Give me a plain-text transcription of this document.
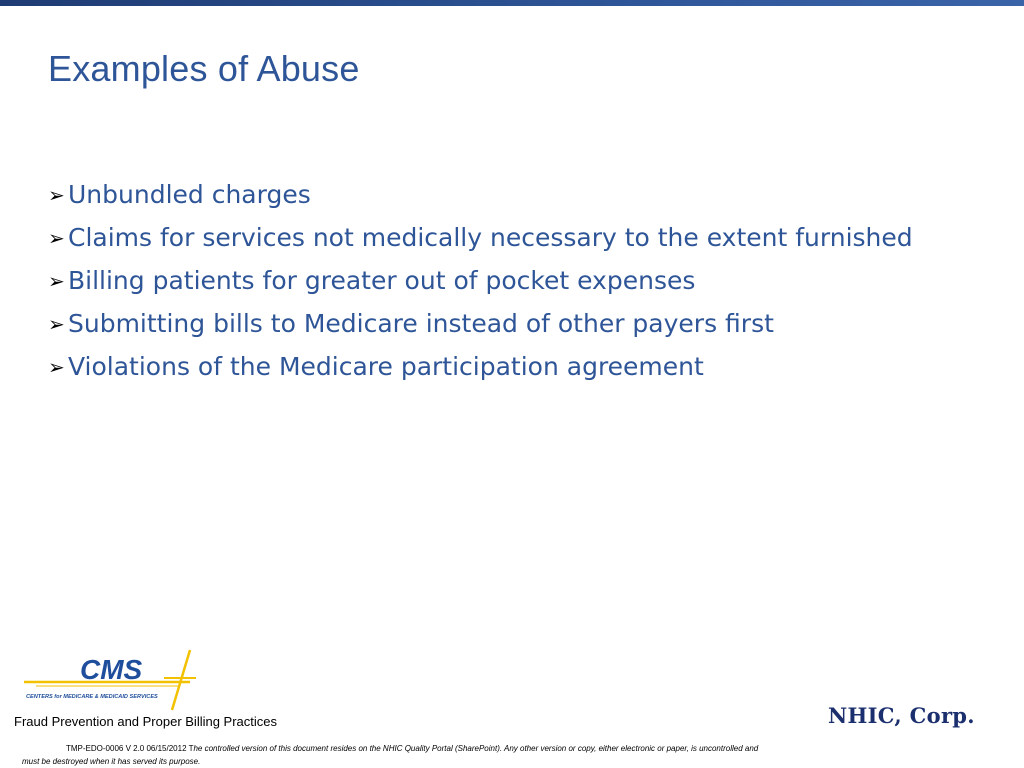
Examples of Abuse
➢ Unbundled charges
➢ Claims for services not medically necessary to the extent furnished
➢ Billing patients for greater out of pocket expenses
➢ Submitting bills to Medicare instead of other payers first
➢ Violations of the Medicare participation agreement
CMS
CENTERS for MEDICARE & MEDICAID SERVICES
Fraud Prevention and Proper Billing Practices	NHIC, Corp.
TMP-EDO-0006 V 2.0 06/15/2012 The controlled version of this document resides on the NHIC Quality Portal (SharePoint). Any other version or copy, either electronic or paper, is uncontrolled and
must be destroyed when it has served its purpose.
